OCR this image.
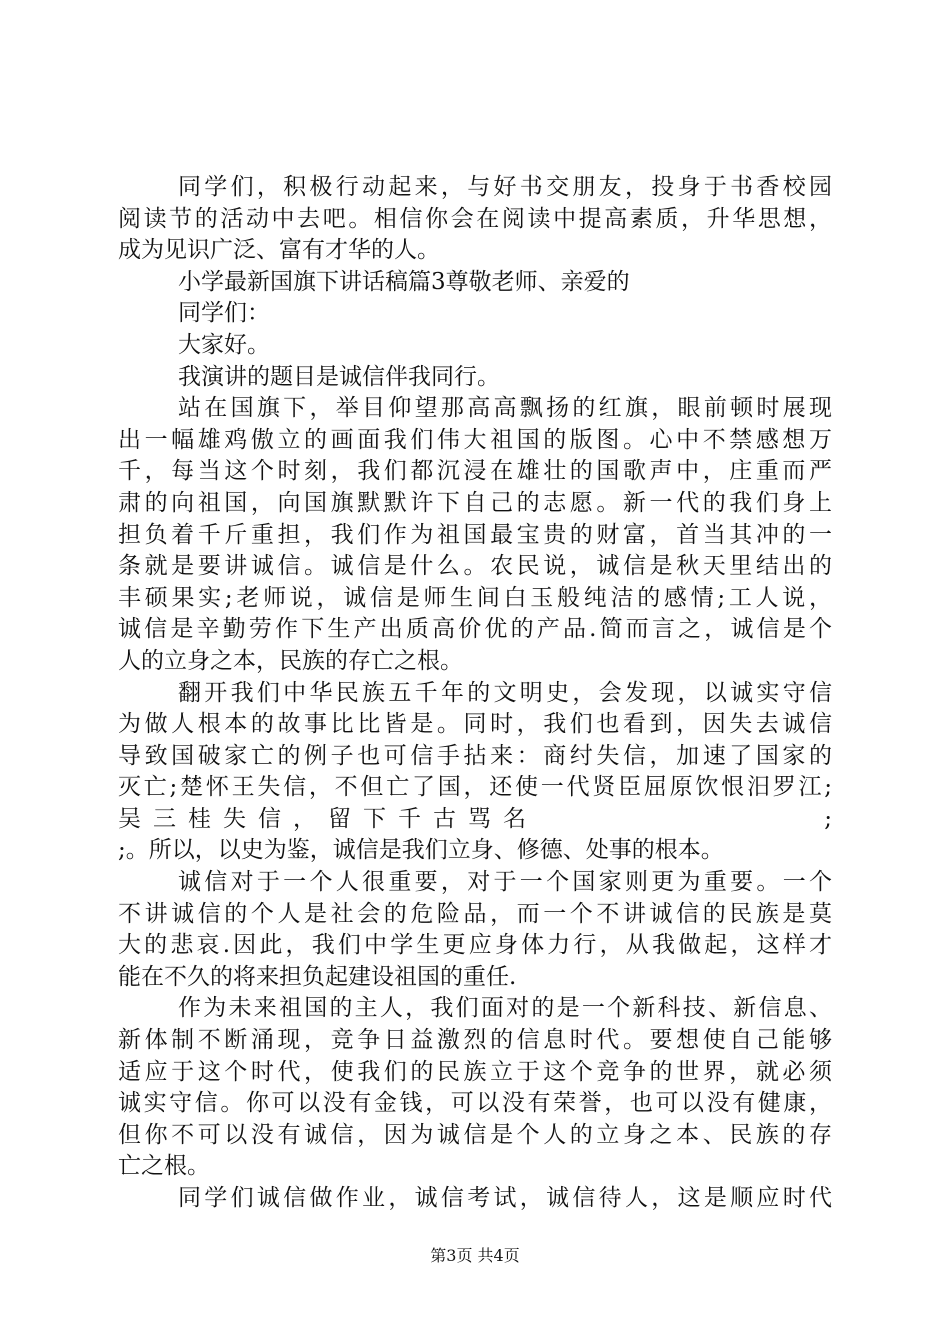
同学们，积极行动起来，与好书交朋友，投身于书香校园
阅读节的活动中去吧。相信你会在阅读中提高素质，升华思想，
成为见识广泛、富有才华的人。
小学最新国旗下讲话稿篇3尊敬老师、亲爱的
同学们：
大家好。
我演讲的题目是诚信伴我同行。
站在国旗下，举目仰望那高高飘扬的红旗，眼前顿时展现
出一幅雄鸡傲立的画面我们伟大祖国的版图。心中不禁感想万
千，每当这个时刻，我们都沉浸在雄壮的国歌声中，庄重而严
肃的向祖国，向国旗默默许下自己的志愿。新一代的我们身上
担负着千斤重担，我们作为祖国最宝贵的财富，首当其冲的一
条就是要讲诚信。诚信是什么。农民说，诚信是秋天里结出的
丰硕果实;老师说，诚信是师生间白玉般纯洁的感情;工人说，
诚信是辛勤劳作下生产出质高价优的产品.简而言之，诚信是个
人的立身之本，民族的存亡之根。
翻开我们中华民族五千年的文明史，会发现，以诚实守信
为做人根本的故事比比皆是。同时，我们也看到，因失去诚信
导致国破家亡的例子也可信手拈来：商纣失信，加速了国家的
灭亡;楚怀王失信，不但亡了国，还使一代贤臣屈原饮恨汨罗江;
吴三桂失信，留下千古骂名	;
;。所以，以史为鉴，诚信是我们立身、修德、处事的根本。
诚信对于一个人很重要，对于一个国家则更为重要。一个
不讲诚信的个人是社会的危险品，而一个不讲诚信的民族是莫
大的悲哀.因此，我们中学生更应身体力行，从我做起，这样才
能在不久的将来担负起建设祖国的重任.
作为未来祖国的主人，我们面对的是一个新科技、新信息、
新体制不断涌现，竞争日益激烈的信息时代。要想使自己能够
适应于这个时代，使我们的民族立于这个竞争的世界，就必须
诚实守信。你可以没有金钱，可以没有荣誉，也可以没有健康，
但你不可以没有诚信，因为诚信是个人的立身之本、民族的存
亡之根。
同学们诚信做作业，诚信考试，诚信待人，这是顺应时代
第3页 共4页
